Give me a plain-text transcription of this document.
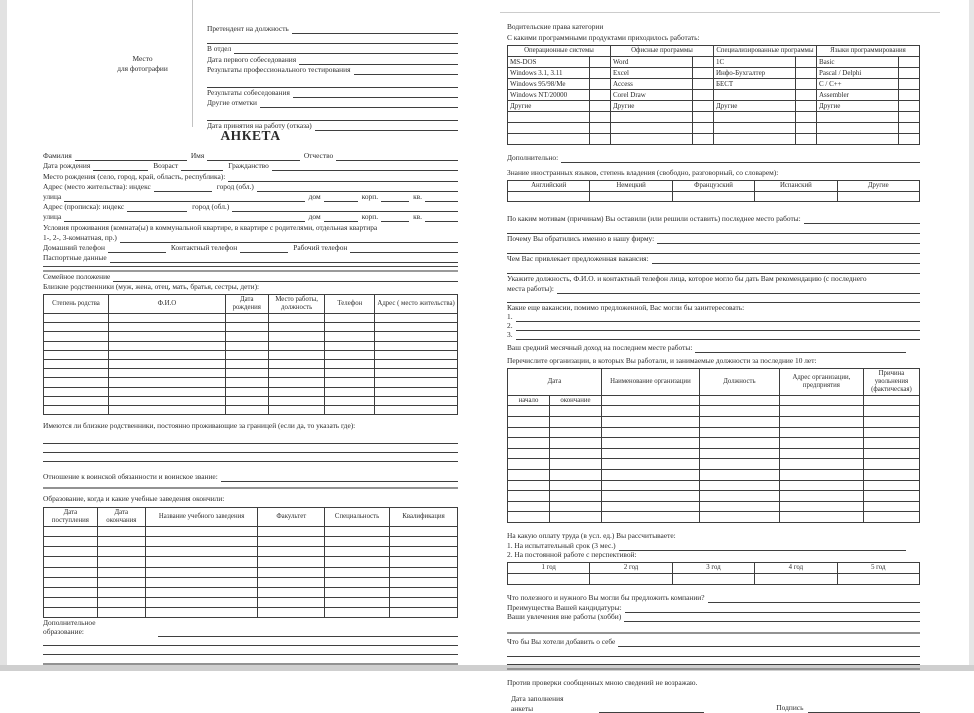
Место
для фотографии
Претендент на должность
В отдел
Дата первого собеседования
Результаты профессионального тестирования
Результаты собеседования
Другие отметки
Дата принятия на работу (отказа)
АНКЕТА
Фамилия	Имя	Отчество
Дата рождения	Возраст	Гражданство
Место рождения (село, город, край, область, республика):
Адрес (место жительства): индекс	город (обл.)
улица	дом	корп.	кв.
Адрес (прописка): индекс	город (обл.)
улица	дом	корп.	кв.
Условия проживания (комната(ы) в коммунальной квартире, в квартире с родителями, отдельная квартира
1-, 2-, 3-комнатная, пр.)
Домашний телефон	Контактный телефон	Рабочий телефон
Паспортные данные
Семейное положение
Близкие родственники (муж, жена, отец, мать, братья, сестры, дети):
Степень родства	Ф.И.О	Дата рождения	Место работы, должность	Телефон	Адрес ( место жительства)

Имеются ли близкие родственники, постоянно проживающие за границей (если да, то указать где):
Отношение к воинской обязанности и воинское звание:
Образование, когда и какие учебные заведения окончили:
Дата поступления	Дата окончания	Название учебного заведения	Факультет	Специальность	Квалификация

Дополнительное
образование:
Водительские права категории
С какими программными продуктами приходилось работать:
Операционные системы		Офисные программы		Специализированные программы		Языки программирования	
MS-DOS		Word		1С		Basic	
Windows 3.1, 3.11		Excel		Инфо-Бухгалтер		Pascal / Delphi	
Windows 95/98/Me		Access		БЕСТ		C / C++	
Windows NT/20000		Corel Draw				Assembler	
Другие		Другие		Другие		Другие	

Дополнительно:
Знание иностранных языков, степень владения (свободно, разговорный, со словарем):
Английский	Немецкий	Французский	Испанский	Другие

По каким мотивам (причинам) Вы оставили (или решили оставить) последнее место работы:
Почему Вы обратились именно в нашу фирму:
Чем Вас привлекает предложенная вакансия:
Укажите должность, Ф.И.О. и контактный телефон лица, которое могло бы дать Вам рекомендацию (с последнего
места работы):
Какие еще вакансии, помимо предложенной, Вас могли бы заинтересовать:
1.
2.
3.
Ваш средний месячный доход на последнем месте работы:
Перечислите организации, в которых Вы работали, и занимаемые должности за последние 10 лет:
Дата		Наименование организации	Должность	Адрес организации, предприятия	Причина увольнения (фактическая)
начало	окончание				

На какую оплату труда (в усл. ед.) Вы рассчитываете:
1. На испытательный срок (3 мес.)
2. На постоянной работе с перспективой:
1 год	2 год	3 год	4 год	5 год

Что полезного и нужного Вы могли бы предложить компании?
Преимущества Вашей кандидатуры:
Ваши увлечения вне работы (хобби)
Что бы Вы хотели добавить о себе
Против проверки сообщенных мною сведений не возражаю.
Дата заполнения
анкеты	Подпись
